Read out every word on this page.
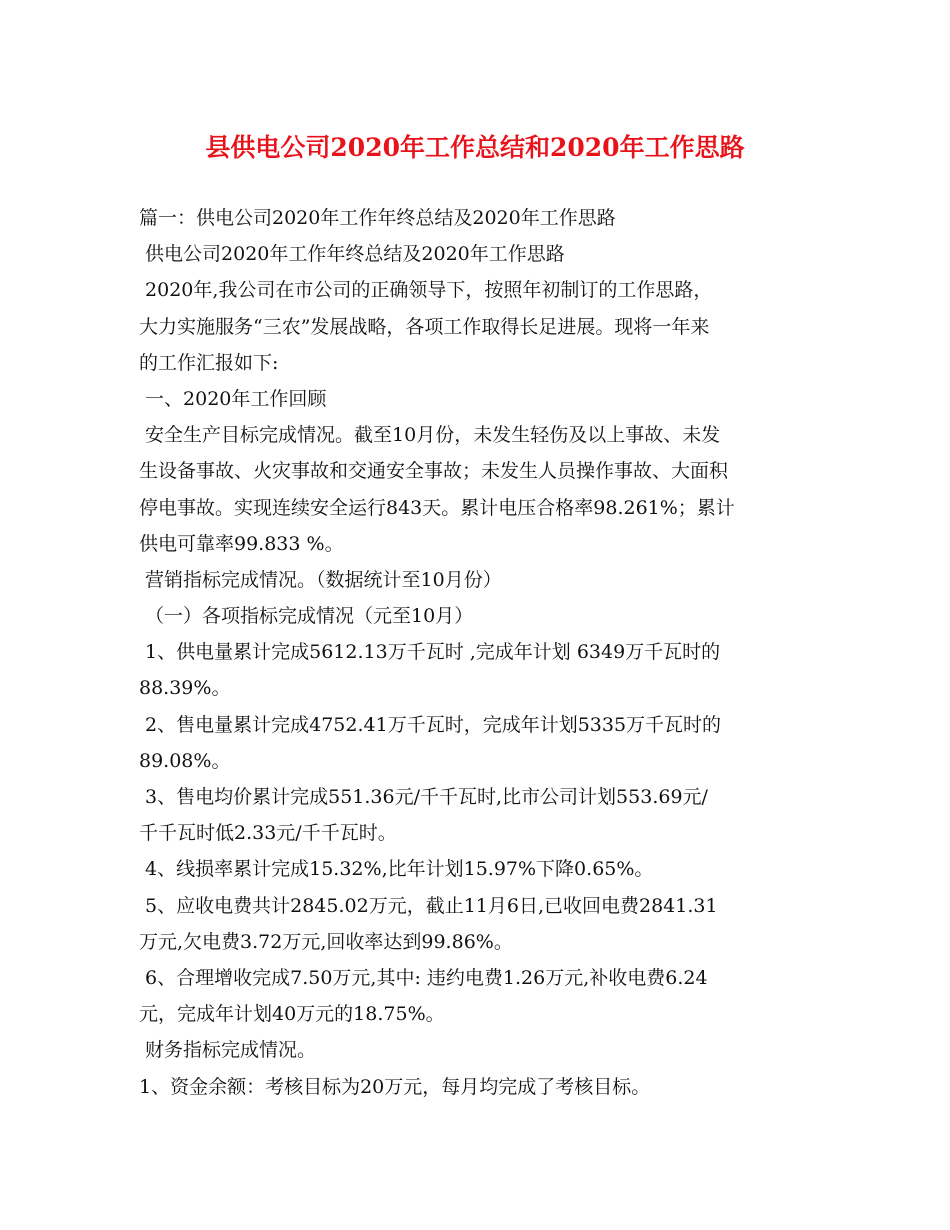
县供电公司2020年工作总结和2020年工作思路

篇一：供电公司2020年工作年终总结及2020年工作思路

供电公司2020年工作年终总结及2020年工作思路

2020年,我公司在市公司的正确领导下，按照年初制订的工作思路，

大力实施服务“三农”发展战略，各项工作取得长足进展。现将一年来

的工作汇报如下:

一、2020年工作回顾

安全生产目标完成情况。截至10月份，未发生轻伤及以上事故、未发

生设备事故、火灾事故和交通安全事故；未发生人员操作事故、大面积

停电事故。实现连续安全运行843天。累计电压合格率98.261%；累计

供电可靠率99.833 %。

营销指标完成情况。（数据统计至10月份）

（一）各项指标完成情况（元至10月）

1、供电量累计完成5612.13万千瓦时 ,完成年计划 6349万千瓦时的

88.39%。

2、售电量累计完成4752.41万千瓦时，完成年计划5335万千瓦时的

89.08%。

3、售电均价累计完成551.36元/千千瓦时,比市公司计划553.69元/

千千瓦时低2.33元/千千瓦时。

4、线损率累计完成15.32%,比年计划15.97%下降0.65%。

5、应收电费共计2845.02万元，截止11月6日,已收回电费2841.31

万元,欠电费3.72万元,回收率达到99.86%。

6、合理增收完成7.50万元,其中: 违约电费1.26万元,补收电费6.24

元，完成年计划40万元的18.75%。

财务指标完成情况。

1、资金余额：考核目标为20万元，每月均完成了考核目标。
